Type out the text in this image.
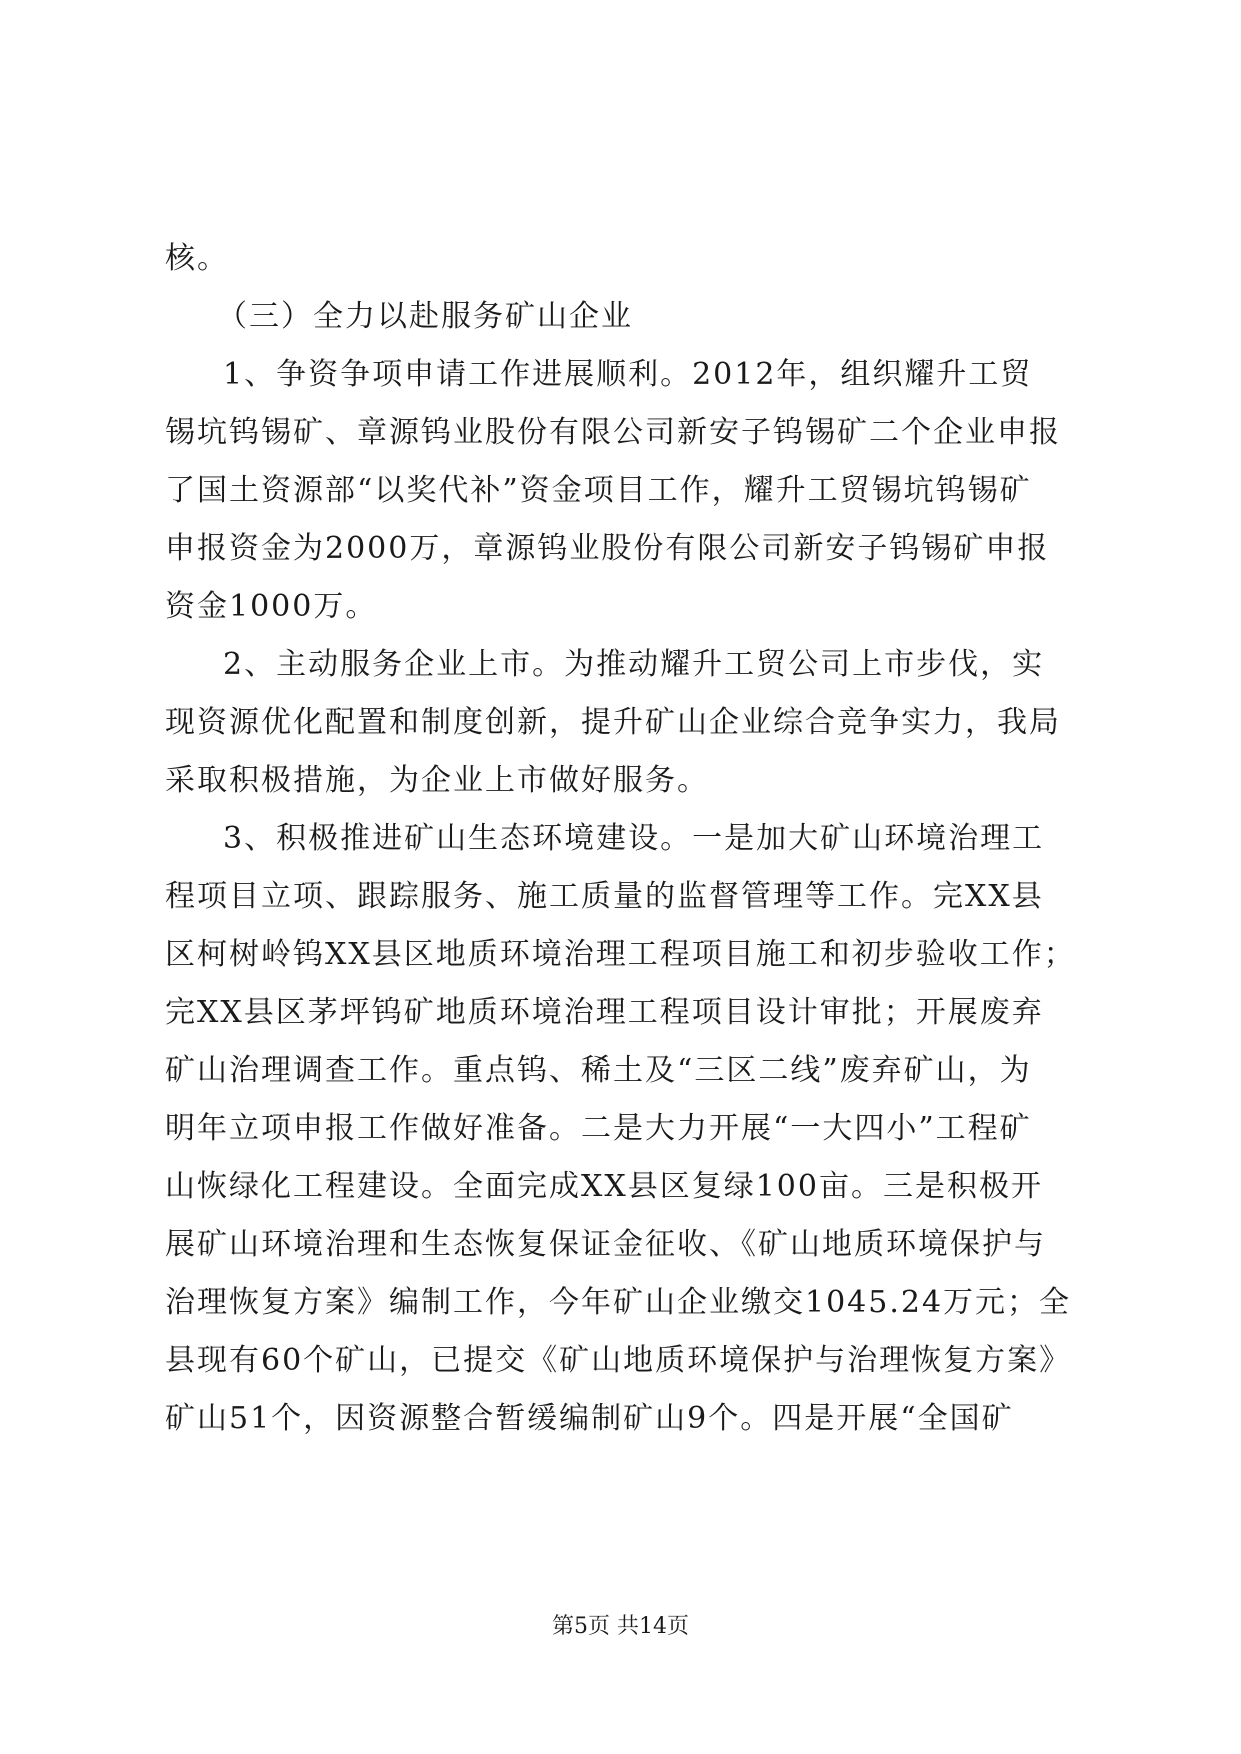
核。
（三）全力以赴服务矿山企业
1、争资争项申请工作进展顺利。2012年，组织耀升工贸
锡坑钨锡矿、章源钨业股份有限公司新安子钨锡矿二个企业申报
了国土资源部“以奖代补”资金项目工作，耀升工贸锡坑钨锡矿
申报资金为2000万，章源钨业股份有限公司新安子钨锡矿申报
资金1000万。
2、主动服务企业上市。为推动耀升工贸公司上市步伐，实
现资源优化配置和制度创新，提升矿山企业综合竞争实力，我局
采取积极措施，为企业上市做好服务。
3、积极推进矿山生态环境建设。一是加大矿山环境治理工
程项目立项、跟踪服务、施工质量的监督管理等工作。完XX县
区柯树岭钨XX县区地质环境治理工程项目施工和初步验收工作；
完XX县区茅坪钨矿地质环境治理工程项目设计审批；开展废弃
矿山治理调查工作。重点钨、稀土及“三区二线”废弃矿山，为
明年立项申报工作做好准备。二是大力开展“一大四小”工程矿
山恢绿化工程建设。全面完成XX县区复绿100亩。三是积极开
展矿山环境治理和生态恢复保证金征收、《矿山地质环境保护与
治理恢复方案》编制工作，今年矿山企业缴交1045.24万元；全
县现有60个矿山，已提交《矿山地质环境保护与治理恢复方案》
矿山51个，因资源整合暂缓编制矿山9个。四是开展“全国矿
第5页 共14页
